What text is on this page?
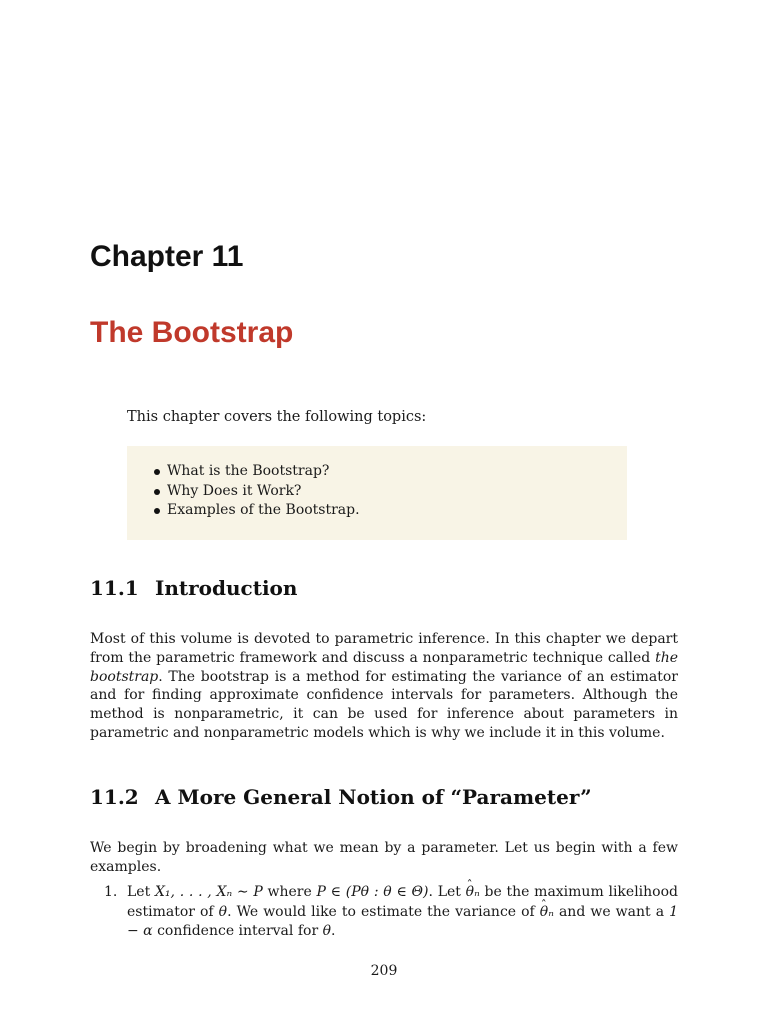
Chapter 11
The Bootstrap
This chapter covers the following topics:
What is the Bootstrap?
Why Does it Work?
Examples of the Bootstrap.
11.1 Introduction
Most of this volume is devoted to parametric inference. In this chapter we depart from the parametric framework and discuss a nonparametric technique called the bootstrap. The bootstrap is a method for estimating the variance of an estimator and for finding approximate confidence intervals for parameters. Although the method is nonparametric, it can be used for inference about parameters in parametric and nonparametric models which is why we include it in this volume.
11.2 A More General Notion of “Parameter”
We begin by broadening what we mean by a parameter. Let us begin with a few examples.
1. Let X₁, . . . , Xₙ ∼ P where P ∈ (Pθ : θ ∈ Θ). Let ˆ θₙ be the maximum likelihood estimator of θ. We would like to estimate the variance of ˆ θₙ and we want a 1 − α confidence interval for θ.
209
